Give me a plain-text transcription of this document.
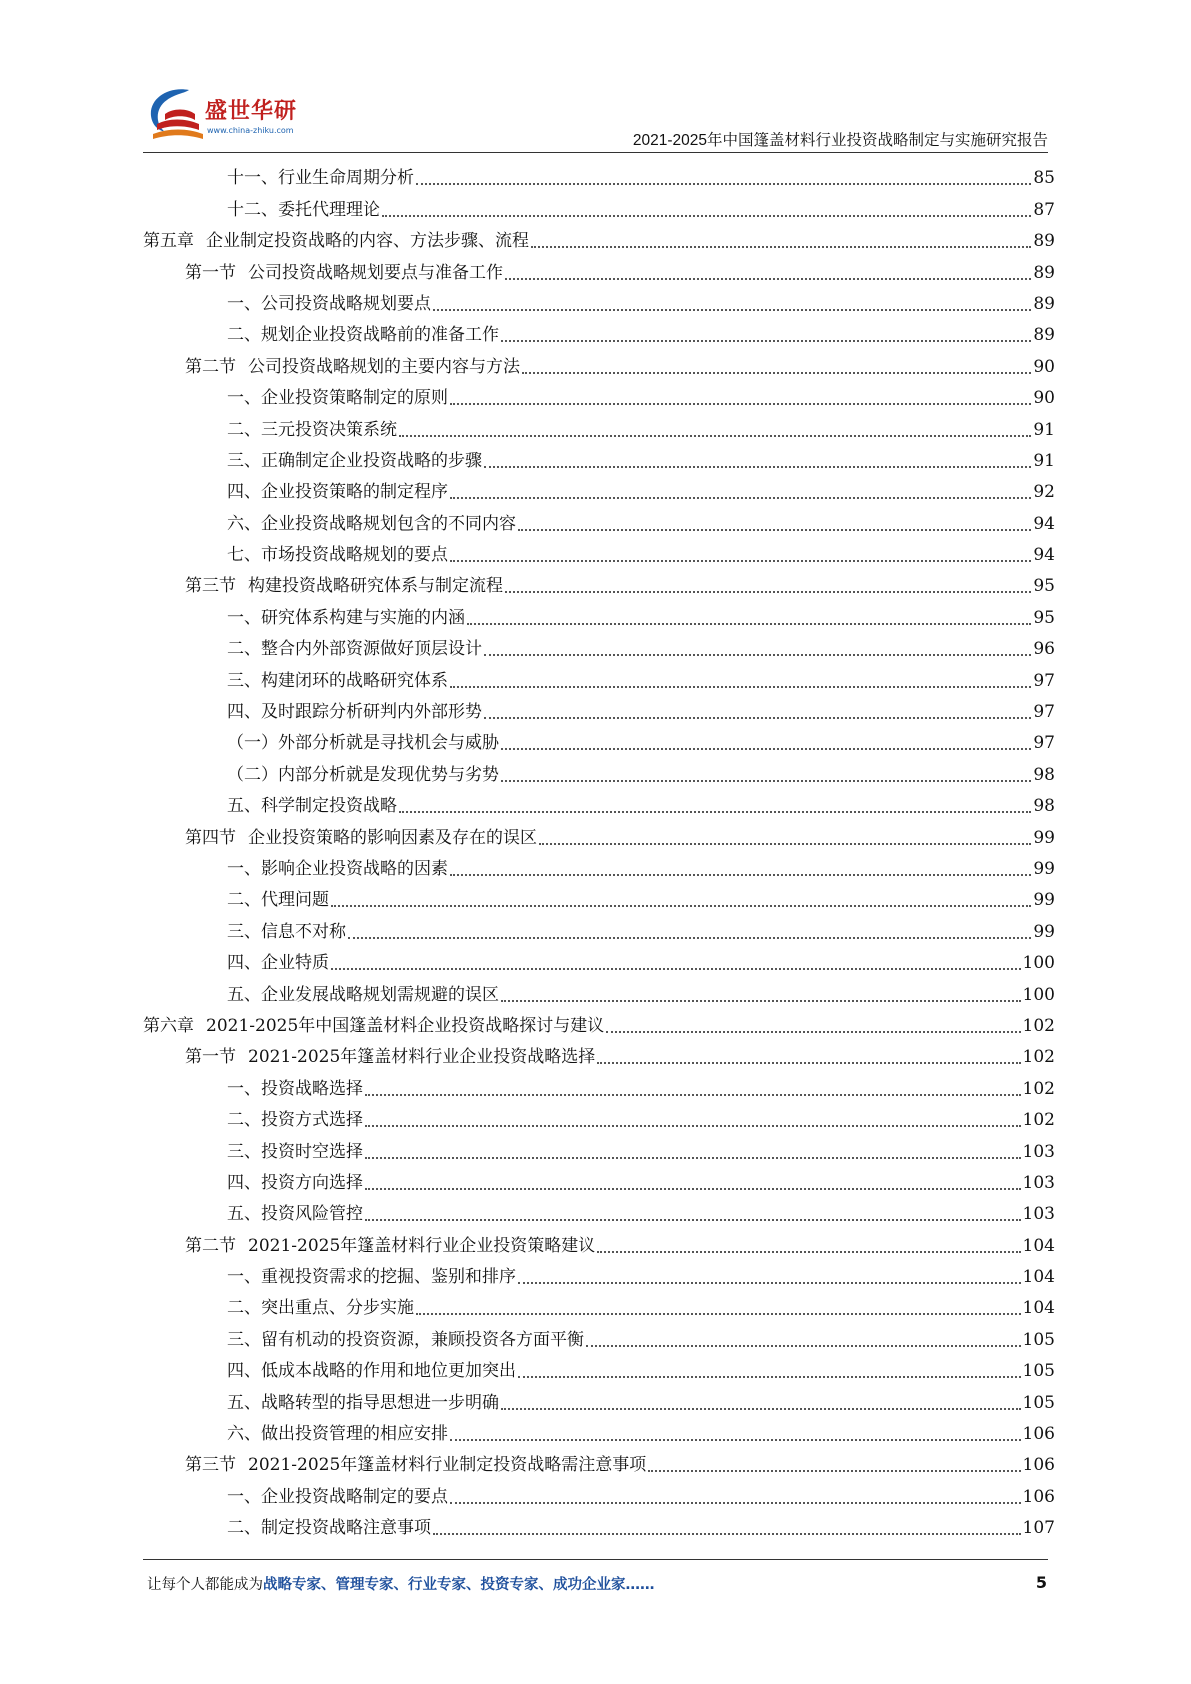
盛世华研
www.china-zhiku.com
2021-2025年中国篷盖材料行业投资战略制定与实施研究报告
十一、行业生命周期分析	85
十二、委托代理理论	87
第五章 企业制定投资战略的内容、方法步骤、流程	89
第一节 公司投资战略规划要点与准备工作	89
一、公司投资战略规划要点	89
二、规划企业投资战略前的准备工作	89
第二节 公司投资战略规划的主要内容与方法	90
一、企业投资策略制定的原则	90
二、三元投资决策系统	91
三、正确制定企业投资战略的步骤	91
四、企业投资策略的制定程序	92
六、企业投资战略规划包含的不同内容	94
七、市场投资战略规划的要点	94
第三节 构建投资战略研究体系与制定流程	95
一、研究体系构建与实施的内涵	95
二、整合内外部资源做好顶层设计	96
三、构建闭环的战略研究体系	97
四、及时跟踪分析研判内外部形势	97
（一）外部分析就是寻找机会与威胁	97
（二）内部分析就是发现优势与劣势	98
五、科学制定投资战略	98
第四节 企业投资策略的影响因素及存在的误区	99
一、影响企业投资战略的因素	99
二、代理问题	99
三、信息不对称	99
四、企业特质	100
五、企业发展战略规划需规避的误区	100
第六章 2021-2025年中国篷盖材料企业投资战略探讨与建议	102
第一节 2021-2025年篷盖材料行业企业投资战略选择	102
一、投资战略选择	102
二、投资方式选择	102
三、投资时空选择	103
四、投资方向选择	103
五、投资风险管控	103
第二节 2021-2025年篷盖材料行业企业投资策略建议	104
一、重视投资需求的挖掘、鉴别和排序	104
二、突出重点、分步实施	104
三、留有机动的投资资源，兼顾投资各方面平衡	105
四、低成本战略的作用和地位更加突出	105
五、战略转型的指导思想进一步明确	105
六、做出投资管理的相应安排	106
第三节 2021-2025年篷盖材料行业制定投资战略需注意事项	106
一、企业投资战略制定的要点	106
二、制定投资战略注意事项	107
让每个人都能成为战略专家、管理专家、行业专家、投资专家、成功企业家……	5
